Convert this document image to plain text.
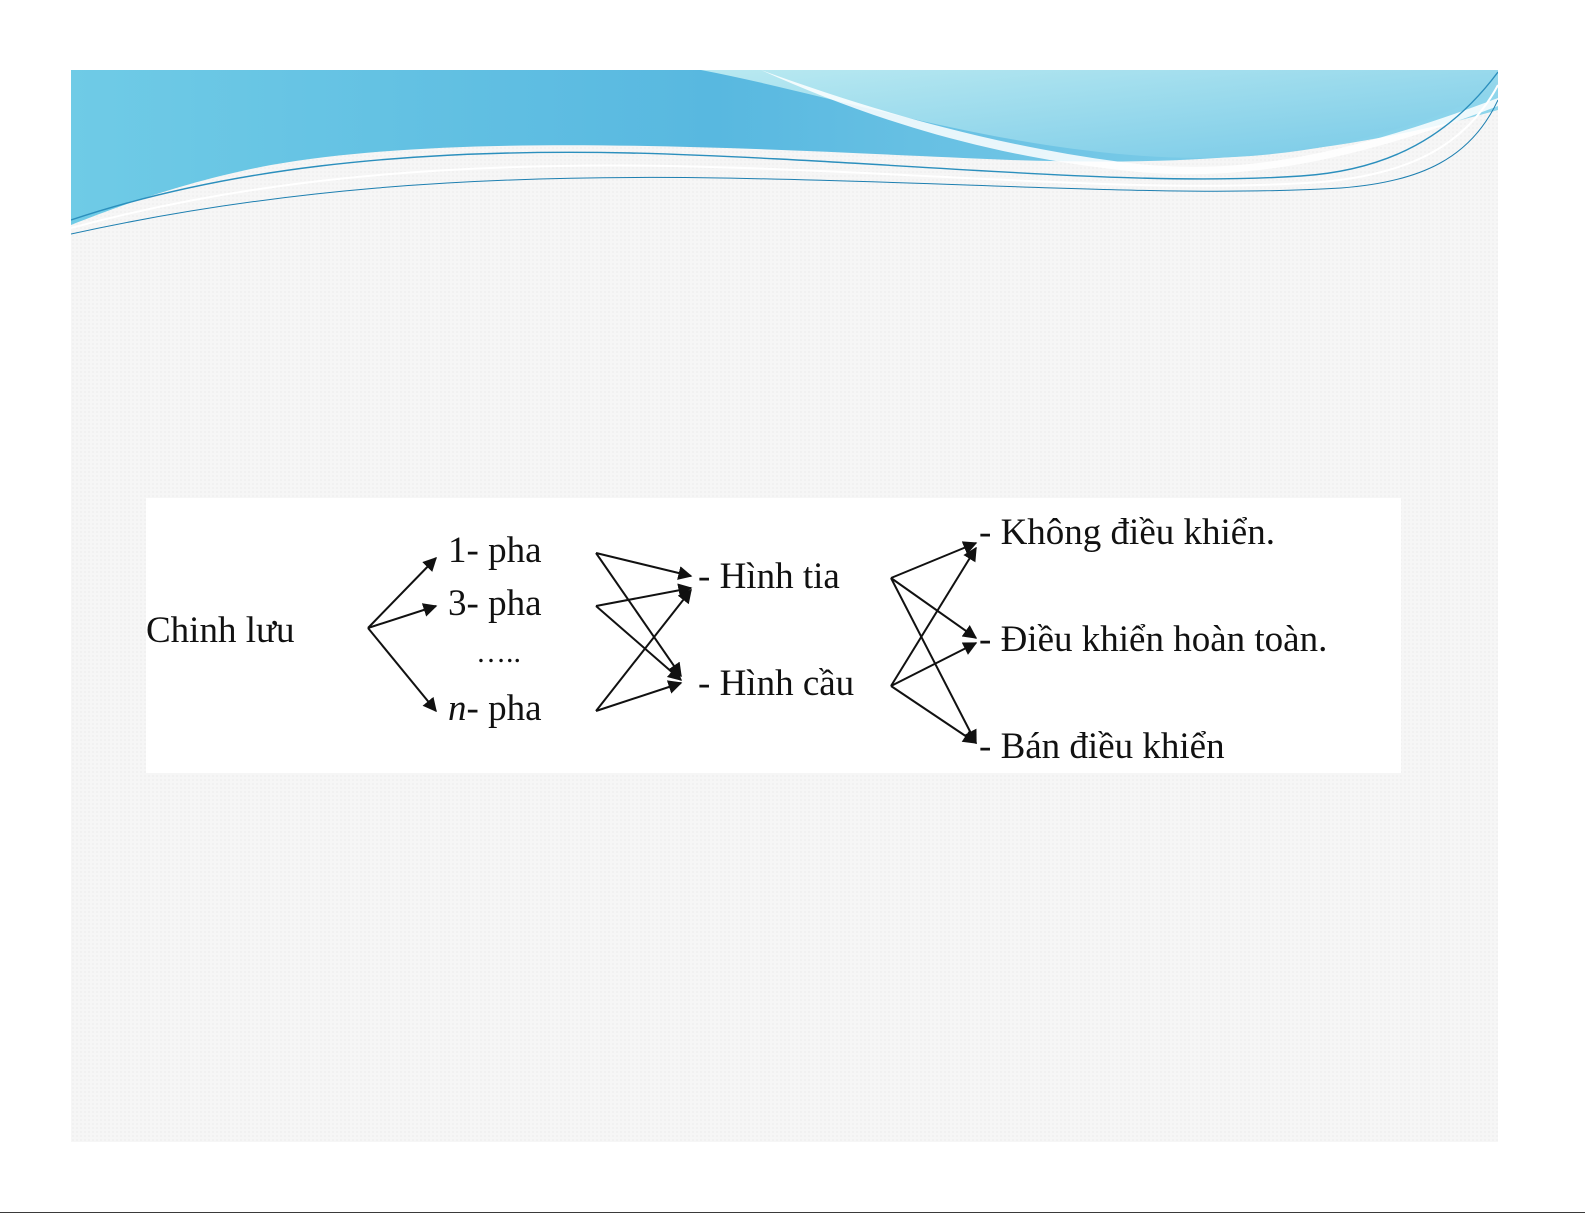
Chinh lưu
1- pha
3- pha
…..
n- pha
- Hình tia
- Hình cầu
- Không điều khiển.
- Điều khiển hoàn toàn.
- Bán điều khiển
